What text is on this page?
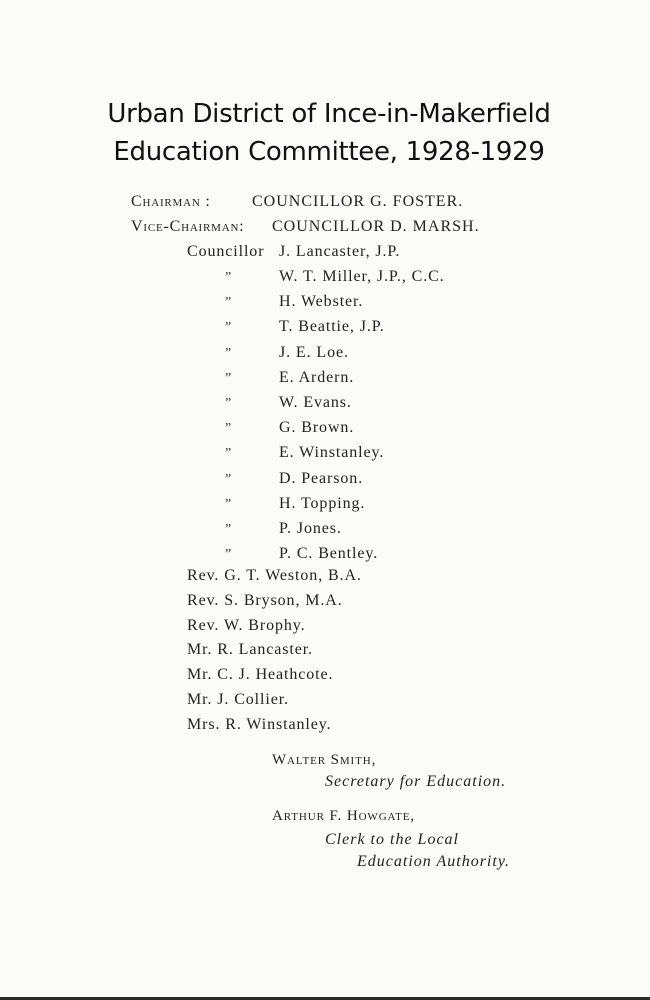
Urban District of Ince-in-Makerfield
Education Committee, 1928-1929
Chairman :	COUNCILLOR G. FOSTER.
Vice-Chairman: COUNCILLOR D. MARSH.
Councillor J. Lancaster, J.P.
”	W. T. Miller, J.P., C.C.
”	H. Webster.
”	T. Beattie, J.P.
”	J. E. Loe.
”	E. Ardern.
”	W. Evans.
”	G. Brown.
”	E. Winstanley.
”	D. Pearson.
”	H. Topping.
”	P. Jones.
”	P. C. Bentley.
Rev. G. T. Weston, B.A.
Rev. S. Bryson, M.A.
Rev. W. Brophy.
Mr. R. Lancaster.
Mr. C. J. Heathcote.
Mr. J. Collier.
Mrs. R. Winstanley.
Walter Smith,
Secretary for Education.
Arthur F. Howgate,
Clerk to the Local
Education Authority.
